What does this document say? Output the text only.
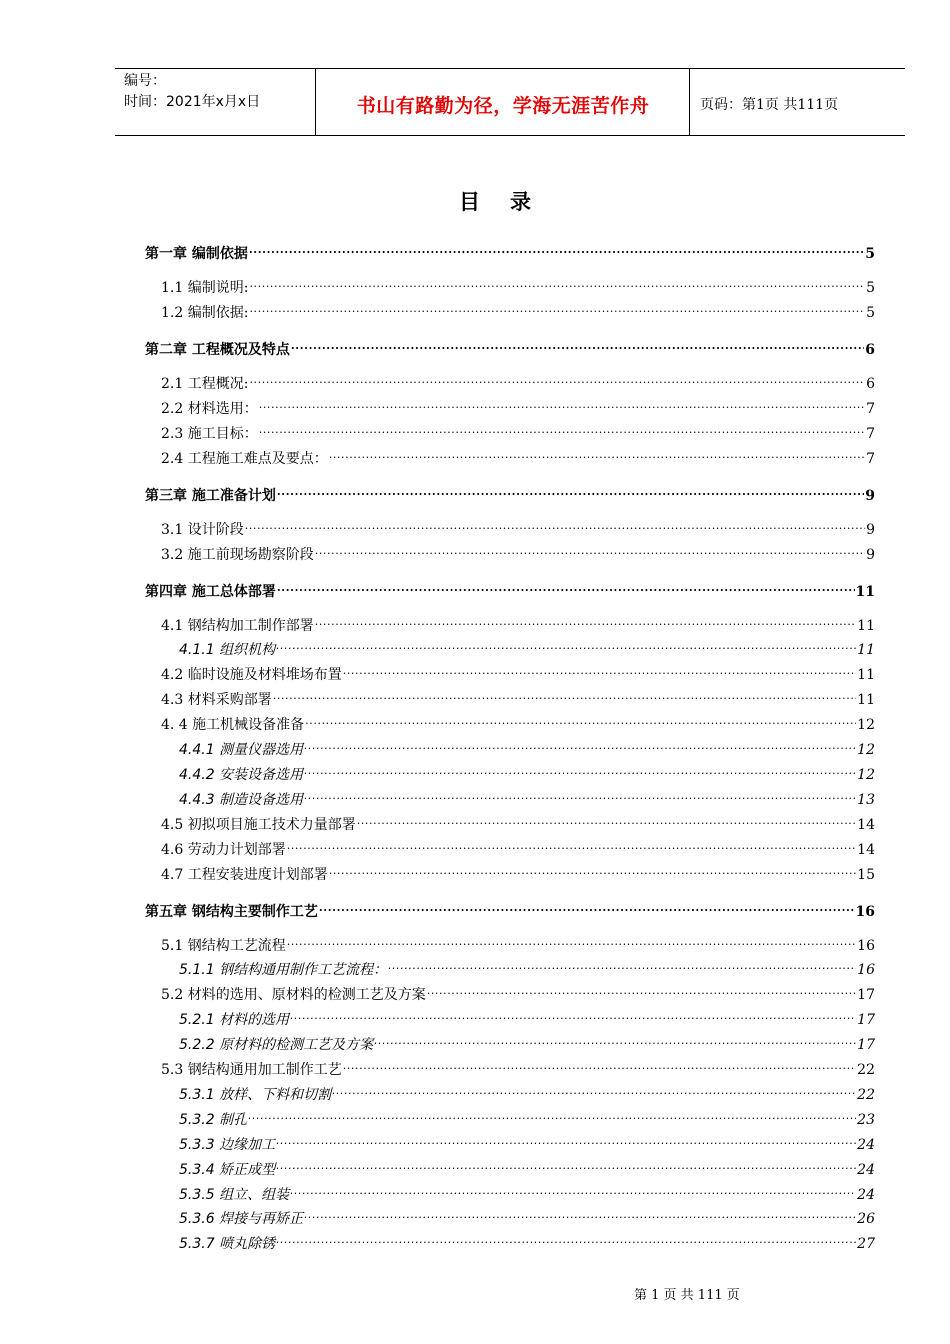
编号：
时间：2021年x月x日	书山有路勤为径，学海无涯苦作舟	页码：第1页 共111页
目录
第一章 编制依据 .....	5
1.1 编制说明: .....	5
1.2 编制依据: .....	5
第二章 工程概况及特点 .....	6
2.1 工程概况: .....	6
2.2 材料选用： .....	7
2.3 施工目标： .....	7
2.4 工程施工难点及要点： .....	7
第三章 施工准备计划 .....	9
3.1 设计阶段 .....	9
3.2 施工前现场勘察阶段 .....	9
第四章 施工总体部署 .....	11
4.1 钢结构加工制作部署 .....	11
4.1.1 组织机构 .....	11
4.2 临时设施及材料堆场布置 .....	11
4.3 材料采购部署 .....	11
4. 4 施工机械设备准备 .....	12
4.4.1 测量仪器选用 .....	12
4.4.2 安装设备选用 .....	12
4.4.3 制造设备选用 .....	13
4.5 初拟项目施工技术力量部署 .....	14
4.6 劳动力计划部署 .....	14
4.7 工程安装进度计划部署 .....	15
第五章 钢结构主要制作工艺 .....	16
5.1 钢结构工艺流程 .....	16
5.1.1 钢结构通用制作工艺流程： .....	16
5.2 材料的选用、原材料的检测工艺及方案 .....	17
5.2.1 材料的选用 .....	17
5.2.2 原材料的检测工艺及方案 .....	17
5.3 钢结构通用加工制作工艺 .....	22
5.3.1 放样、下料和切割 .....	22
5.3.2 制孔 .....	23
5.3.3 边缘加工 .....	24
5.3.4 矫正成型 .....	24
5.3.5 组立、组装 .....	24
5.3.6 焊接与再矫正 .....	26
5.3.7 喷丸除锈 .....	27
第 1 页 共 111 页
